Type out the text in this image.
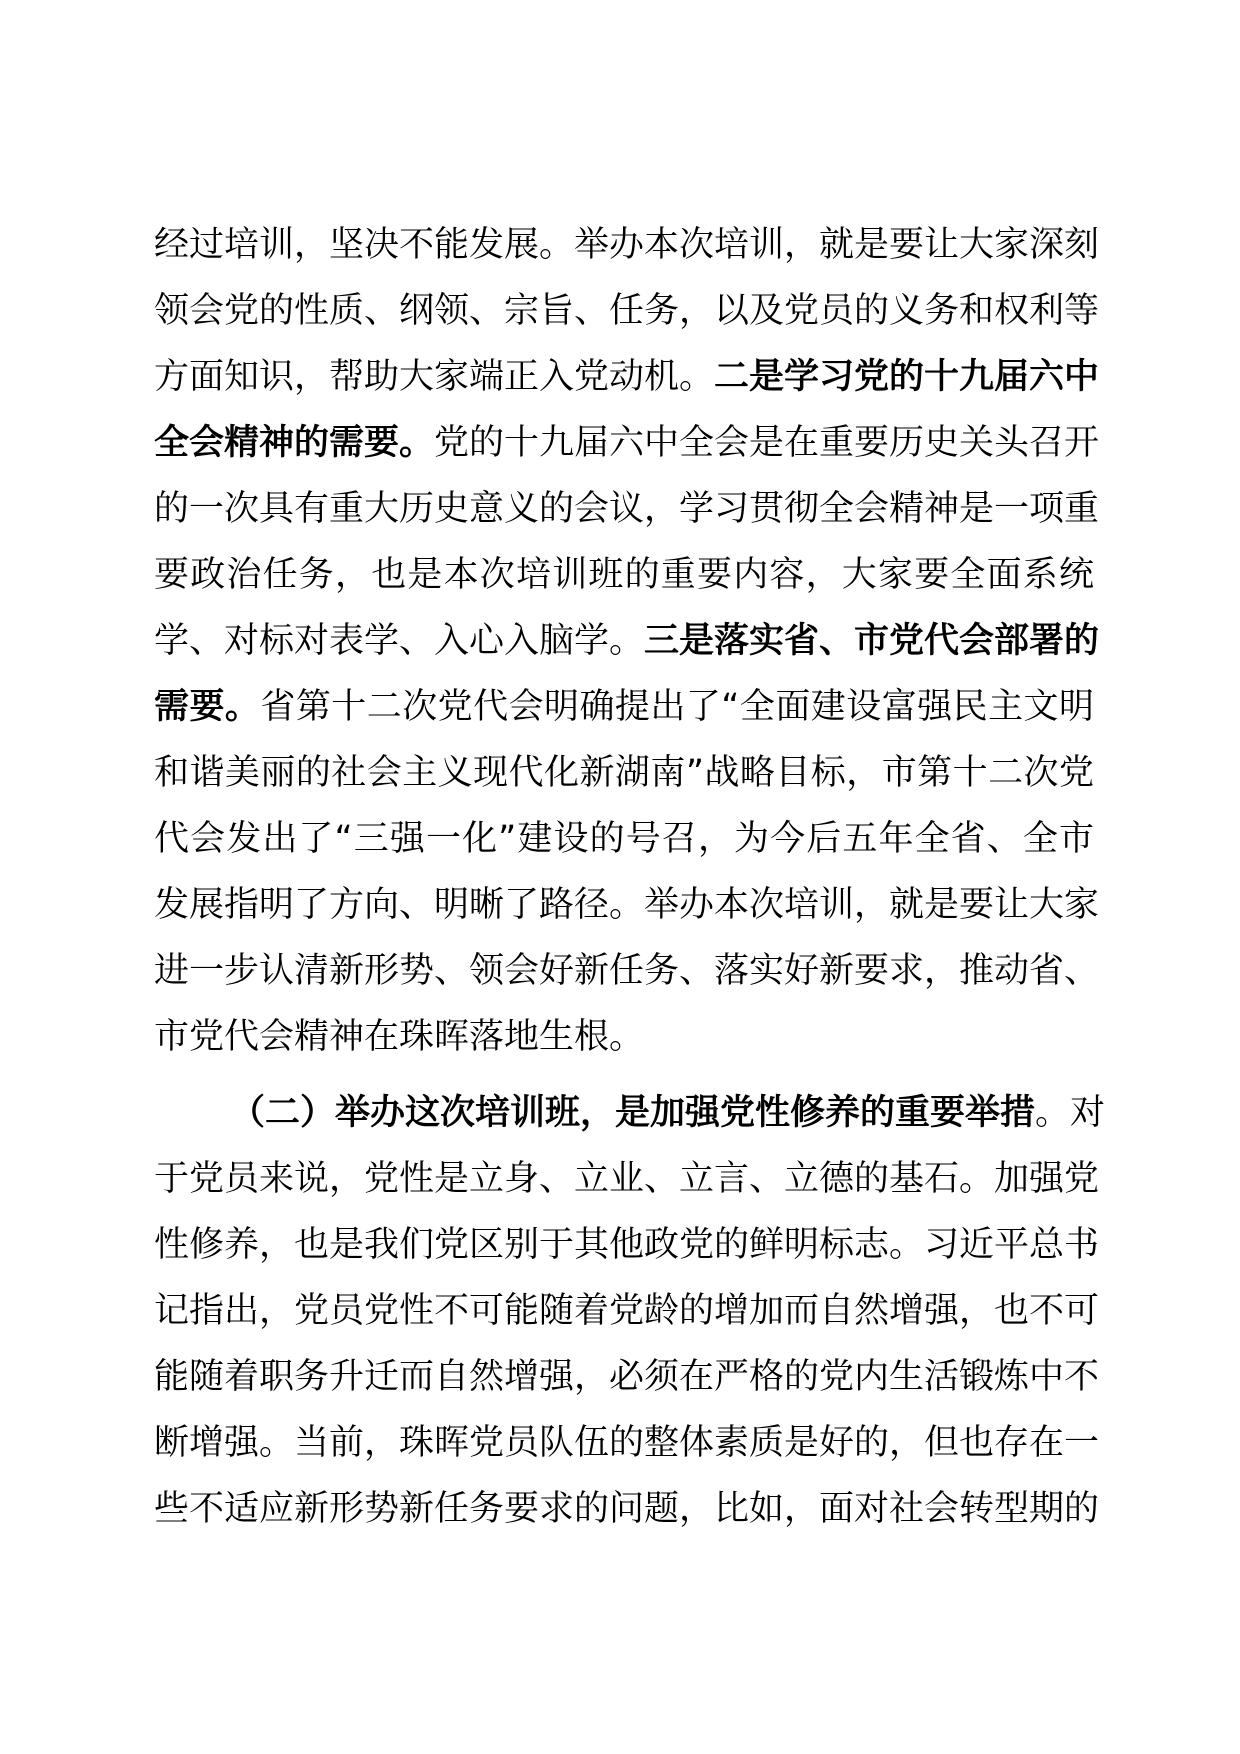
经过培训，坚决不能发展。举办本次培训，就是要让大家深刻
领会党的性质、纲领、宗旨、任务，以及党员的义务和权利等
方面知识，帮助大家端正入党动机。二是学习党的十九届六中
全会精神的需要。党的十九届六中全会是在重要历史关头召开
的一次具有重大历史意义的会议，学习贯彻全会精神是一项重
要政治任务，也是本次培训班的重要内容，大家要全面系统
学、对标对表学、入心入脑学。三是落实省、市党代会部署的
需要。省第十二次党代会明确提出了“全面建设富强民主文明
和谐美丽的社会主义现代化新湖南”战略目标，市第十二次党
代会发出了“三强一化”建设的号召，为今后五年全省、全市
发展指明了方向、明晰了路径。举办本次培训，就是要让大家
进一步认清新形势、领会好新任务、落实好新要求，推动省、
市党代会精神在珠晖落地生根。
（二）举办这次培训班，是加强党性修养的重要举措。对
于党员来说，党性是立身、立业、立言、立德的基石。加强党
性修养，也是我们党区别于其他政党的鲜明标志。习近平总书
记指出，党员党性不可能随着党龄的增加而自然增强，也不可
能随着职务升迁而自然增强，必须在严格的党内生活锻炼中不
断增强。当前，珠晖党员队伍的整体素质是好的，但也存在一
些不适应新形势新任务要求的问题，比如，面对社会转型期的
